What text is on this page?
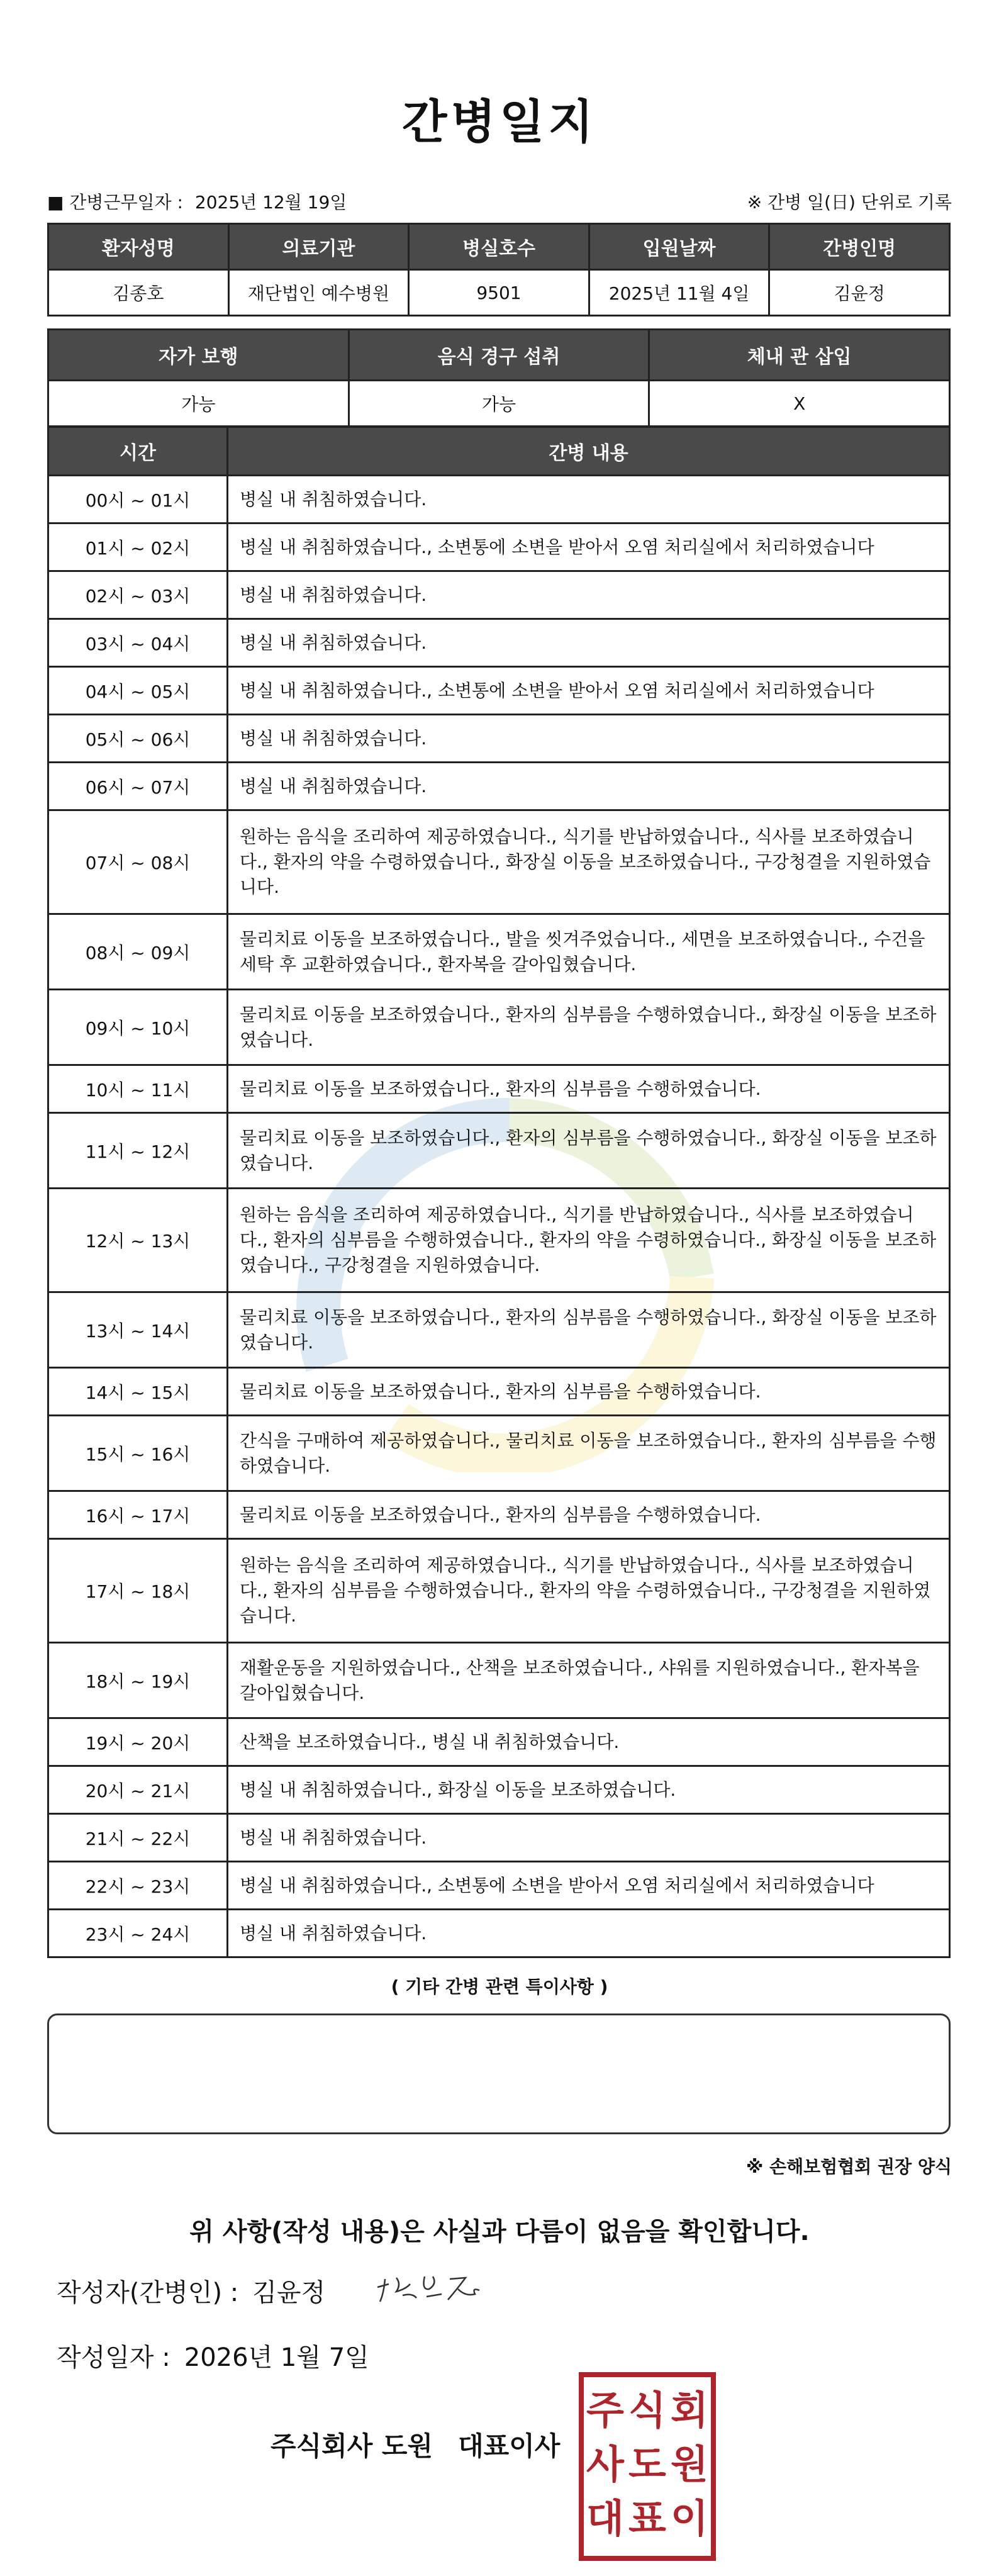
간병일지
■ 간병근무일자 : 2025년 12월 19일	※ 간병 일(日) 단위로 기록
환자성명	의료기관	병실호수	입원날짜	간병인명
김종호	재단법인 예수병원	9501	2025년 11월 4일	김윤정
자가 보행	음식 경구 섭취	체내 관 삽입
가능	가능	X
시간	간병 내용
00시 ~ 01시	병실 내 취침하였습니다.
01시 ~ 02시	병실 내 취침하였습니다., 소변통에 소변을 받아서 오염 처리실에서 처리하였습니다
02시 ~ 03시	병실 내 취침하였습니다.
03시 ~ 04시	병실 내 취침하였습니다.
04시 ~ 05시	병실 내 취침하였습니다., 소변통에 소변을 받아서 오염 처리실에서 처리하였습니다
05시 ~ 06시	병실 내 취침하였습니다.
06시 ~ 07시	병실 내 취침하였습니다.
07시 ~ 08시	원하는 음식을 조리하여 제공하였습니다., 식기를 반납하였습니다., 식사를 보조하였습니다., 환자의 약을 수령하였습니다., 화장실 이동을 보조하였습니다., 구강청결을 지원하였습니다.
08시 ~ 09시	물리치료 이동을 보조하였습니다., 발을 씻겨주었습니다., 세면을 보조하였습니다., 수건을 세탁 후 교환하였습니다., 환자복을 갈아입혔습니다.
09시 ~ 10시	물리치료 이동을 보조하였습니다., 환자의 심부름을 수행하였습니다., 화장실 이동을 보조하였습니다.
10시 ~ 11시	물리치료 이동을 보조하였습니다., 환자의 심부름을 수행하였습니다.
11시 ~ 12시	물리치료 이동을 보조하였습니다., 환자의 심부름을 수행하였습니다., 화장실 이동을 보조하였습니다.
12시 ~ 13시	원하는 음식을 조리하여 제공하였습니다., 식기를 반납하였습니다., 식사를 보조하였습니다., 환자의 심부름을 수행하였습니다., 환자의 약을 수령하였습니다., 화장실 이동을 보조하였습니다., 구강청결을 지원하였습니다.
13시 ~ 14시	물리치료 이동을 보조하였습니다., 환자의 심부름을 수행하였습니다., 화장실 이동을 보조하였습니다.
14시 ~ 15시	물리치료 이동을 보조하였습니다., 환자의 심부름을 수행하였습니다.
15시 ~ 16시	간식을 구매하여 제공하였습니다., 물리치료 이동을 보조하였습니다., 환자의 심부름을 수행하였습니다.
16시 ~ 17시	물리치료 이동을 보조하였습니다., 환자의 심부름을 수행하였습니다.
17시 ~ 18시	원하는 음식을 조리하여 제공하였습니다., 식기를 반납하였습니다., 식사를 보조하였습니다., 환자의 심부름을 수행하였습니다., 환자의 약을 수령하였습니다., 구강청결을 지원하였습니다.
18시 ~ 19시	재활운동을 지원하였습니다., 산책을 보조하였습니다., 샤워를 지원하였습니다., 환자복을 갈아입혔습니다.
19시 ~ 20시	산책을 보조하였습니다., 병실 내 취침하였습니다.
20시 ~ 21시	병실 내 취침하였습니다., 화장실 이동을 보조하였습니다.
21시 ~ 22시	병실 내 취침하였습니다.
22시 ~ 23시	병실 내 취침하였습니다., 소변통에 소변을 받아서 오염 처리실에서 처리하였습니다
23시 ~ 24시	병실 내 취침하였습니다.
( 기타 간병 관련 특이사항 )
※ 손해보험협회 권장 양식
위 사항(작성 내용)은 사실과 다름이 없음을 확인합니다.
작성자(간병인) : 김윤정
작성일자 : 2026년 1월 7일
주식회사 도원 대표이사
주 식 회
사 도 원
대 표 이
